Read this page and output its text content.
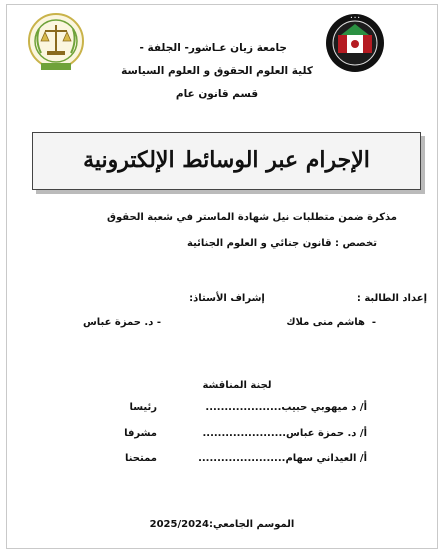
• • •
جامعة زيان عـاشور- الجلفة -
كلية العلوم الحقوق و العلوم السياسة
قسم قانون عام
الإجرام عبر الوسائط الإلكترونية
مذكرة ضمن متطلبات نيل شهادة الماستر في شعبة الحقوق
تخصص : قانون جنائي و العلوم الجنائية
إعداد الطالبة :
إشراف الأستاذ:
-
هاشم منى ملاك
- د. حمزة عباس
لجنة المناقشة
أ/ د ميهوبي حبيب....................
رئيسا
أ/ د. حمزة عباس......................
مشرفا
أ/ العيداني سهام.......................
ممتحنا
الموسم الجامعي:2025/2024
